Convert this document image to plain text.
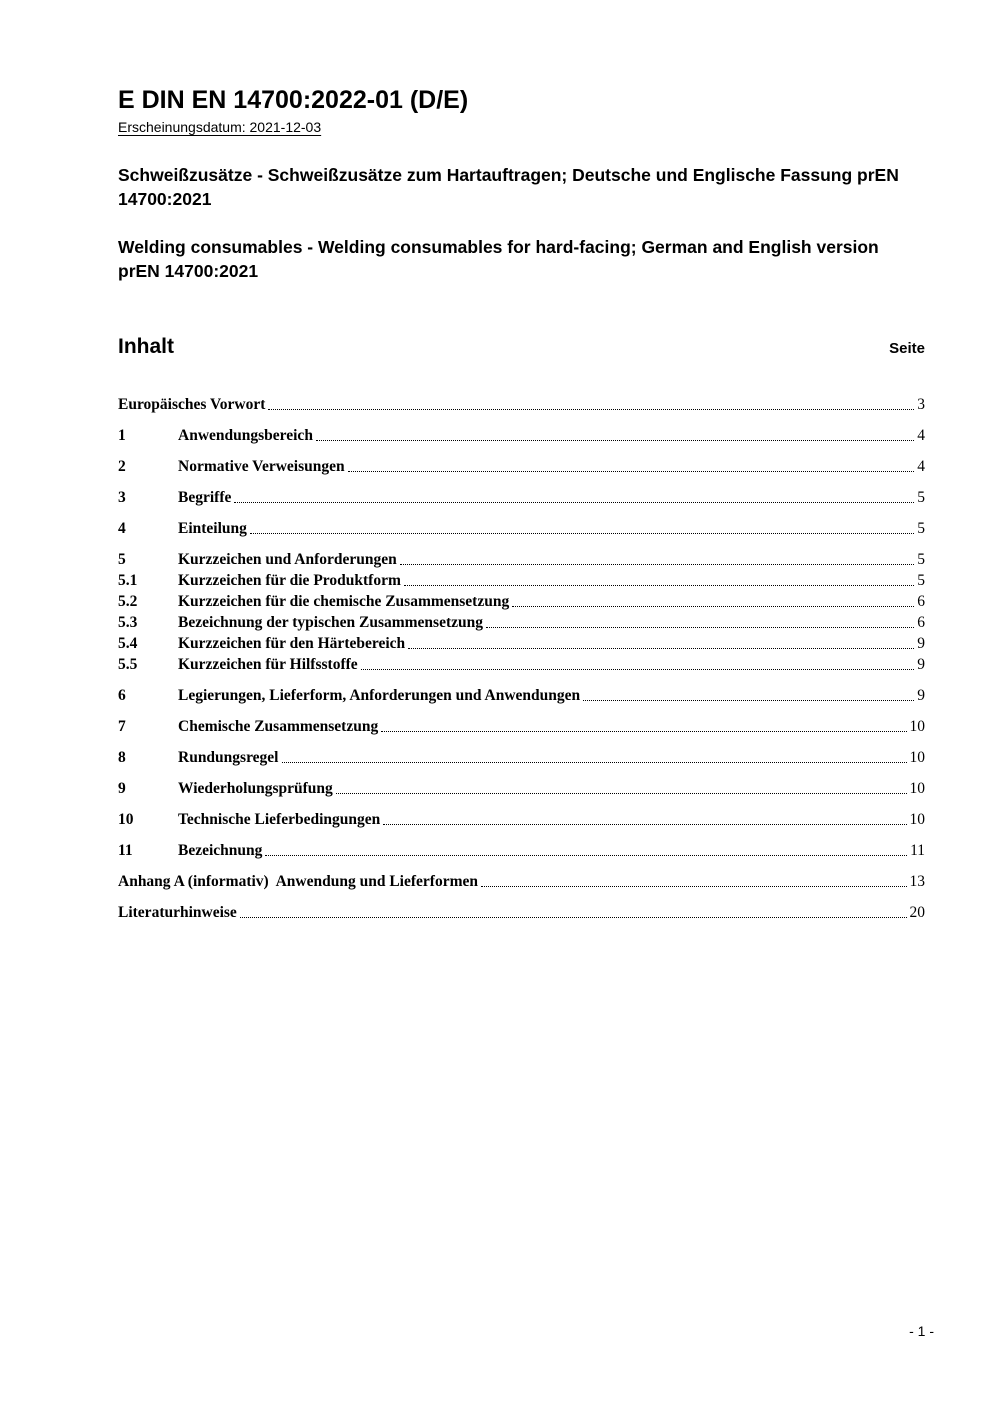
E DIN EN 14700:2022-01 (D/E)
Erscheinungsdatum: 2021-12-03

Schweißzusätze - Schweißzusätze zum Hartauftragen; Deutsche und Englische Fassung prEN 14700:2021

Welding consumables - Welding consumables for hard-facing; German and English version prEN 14700:2021

Inhalt	Seite
Europäisches Vorwort	3
1	Anwendungsbereich	4
2	Normative Verweisungen	4
3	Begriffe	5
4	Einteilung	5
5	Kurzzeichen und Anforderungen	5
5.1	Kurzzeichen für die Produktform	5
5.2	Kurzzeichen für die chemische Zusammensetzung	6
5.3	Bezeichnung der typischen Zusammensetzung	6
5.4	Kurzzeichen für den Härtebereich	9
5.5	Kurzzeichen für Hilfsstoffe	9
6	Legierungen, Lieferform, Anforderungen und Anwendungen	9
7	Chemische Zusammensetzung	10
8	Rundungsregel	10
9	Wiederholungsprüfung	10
10	Technische Lieferbedingungen	10
11	Bezeichnung	11
Anhang A (informativ)  Anwendung und Lieferformen	13
Literaturhinweise	20
- 1 -
